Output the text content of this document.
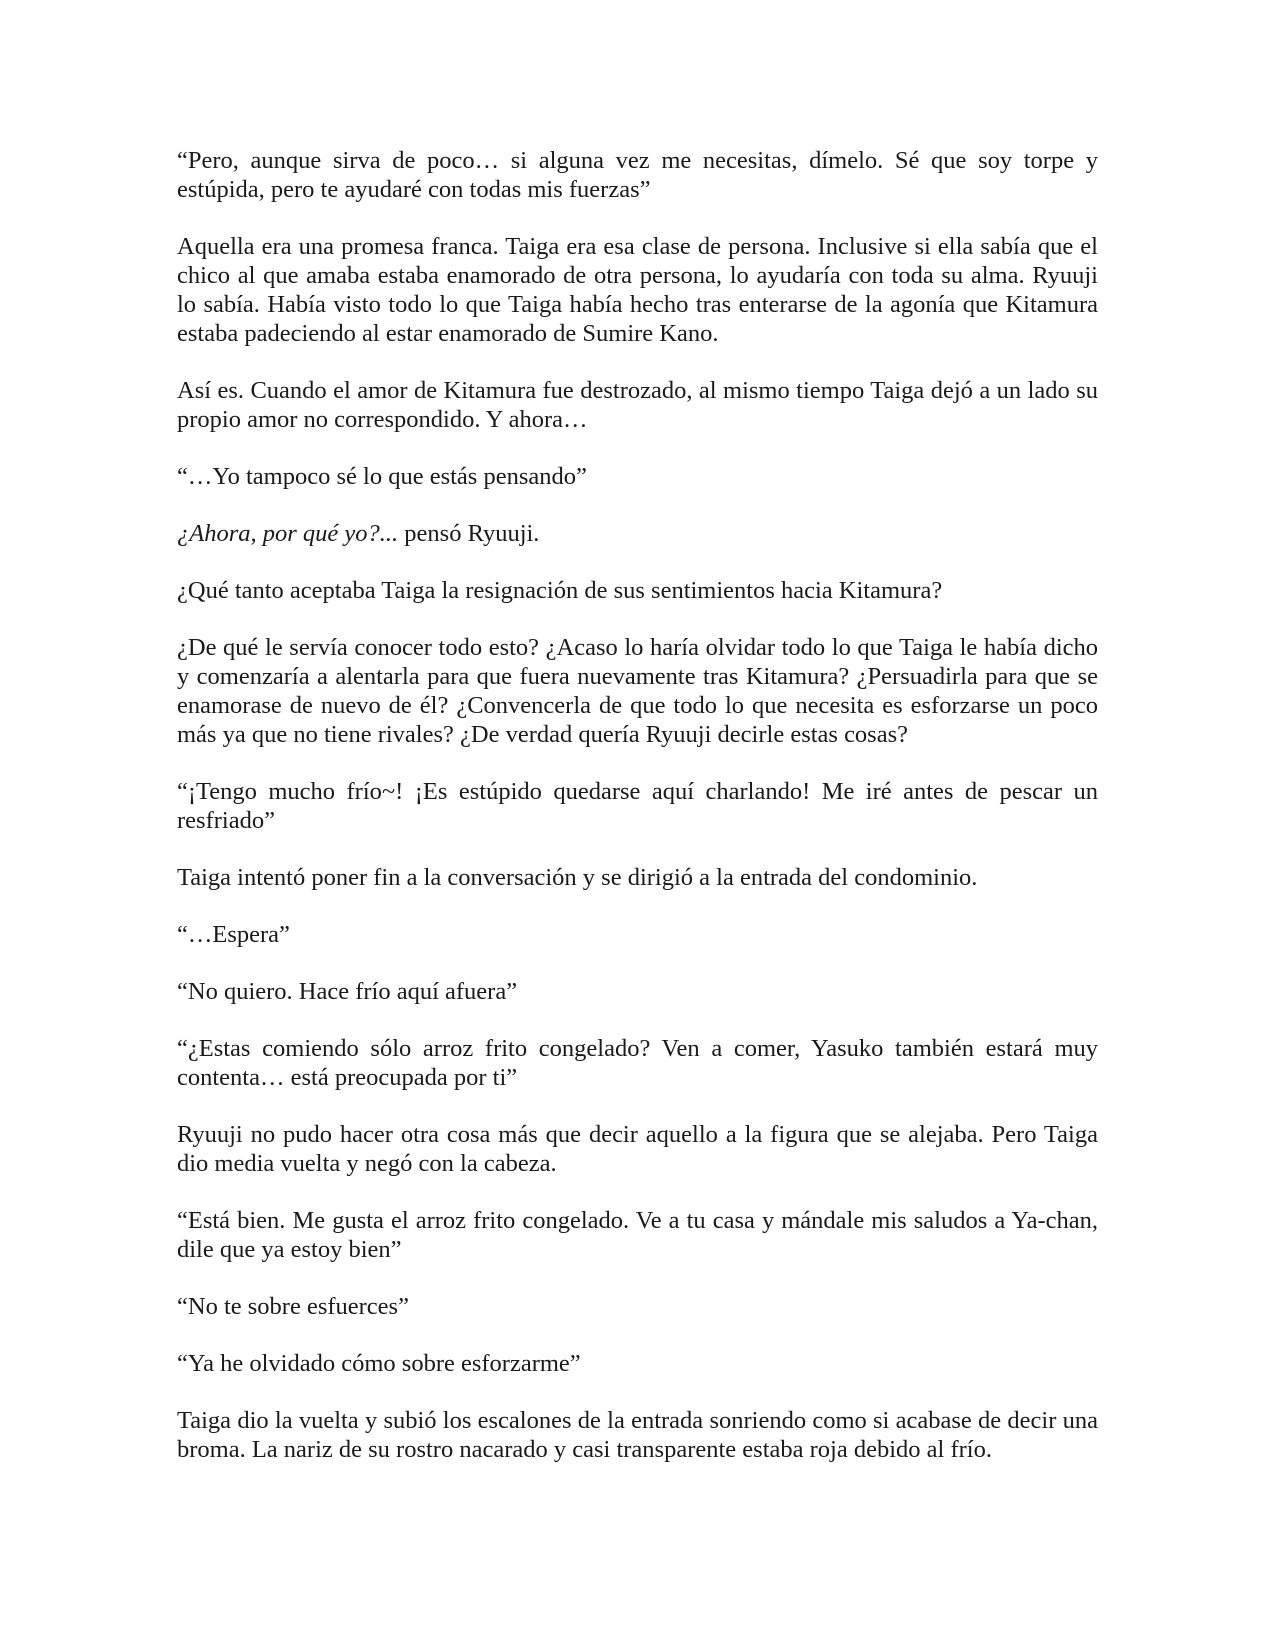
“Pero, aunque sirva de poco… si alguna vez me necesitas, dímelo. Sé que soy torpe y estúpida, pero te ayudaré con todas mis fuerzas”

Aquella era una promesa franca. Taiga era esa clase de persona. Inclusive si ella sabía que el chico al que amaba estaba enamorado de otra persona, lo ayudaría con toda su alma. Ryuuji lo sabía. Había visto todo lo que Taiga había hecho tras enterarse de la agonía que Kitamura estaba padeciendo al estar enamorado de Sumire Kano.

Así es. Cuando el amor de Kitamura fue destrozado, al mismo tiempo Taiga dejó a un lado su propio amor no correspondido. Y ahora…

“…Yo tampoco sé lo que estás pensando”

¿Ahora, por qué yo?... pensó Ryuuji.

¿Qué tanto aceptaba Taiga la resignación de sus sentimientos hacia Kitamura?

¿De qué le servía conocer todo esto? ¿Acaso lo haría olvidar todo lo que Taiga le había dicho y comenzaría a alentarla para que fuera nuevamente tras Kitamura? ¿Persuadirla para que se enamorase de nuevo de él? ¿Convencerla de que todo lo que necesita es esforzarse un poco más ya que no tiene rivales? ¿De verdad quería Ryuuji decirle estas cosas?

“¡Tengo mucho frío~! ¡Es estúpido quedarse aquí charlando! Me iré antes de pescar un resfriado”

Taiga intentó poner fin a la conversación y se dirigió a la entrada del condominio.

“…Espera”

“No quiero. Hace frío aquí afuera”

“¿Estas comiendo sólo arroz frito congelado? Ven a comer, Yasuko también estará muy contenta… está preocupada por ti”

Ryuuji no pudo hacer otra cosa más que decir aquello a la figura que se alejaba. Pero Taiga dio media vuelta y negó con la cabeza.

“Está bien. Me gusta el arroz frito congelado. Ve a tu casa y mándale mis saludos a Ya-chan, dile que ya estoy bien”

“No te sobre esfuerces”

“Ya he olvidado cómo sobre esforzarme”

Taiga dio la vuelta y subió los escalones de la entrada sonriendo como si acabase de decir una broma. La nariz de su rostro nacarado y casi transparente estaba roja debido al frío.
